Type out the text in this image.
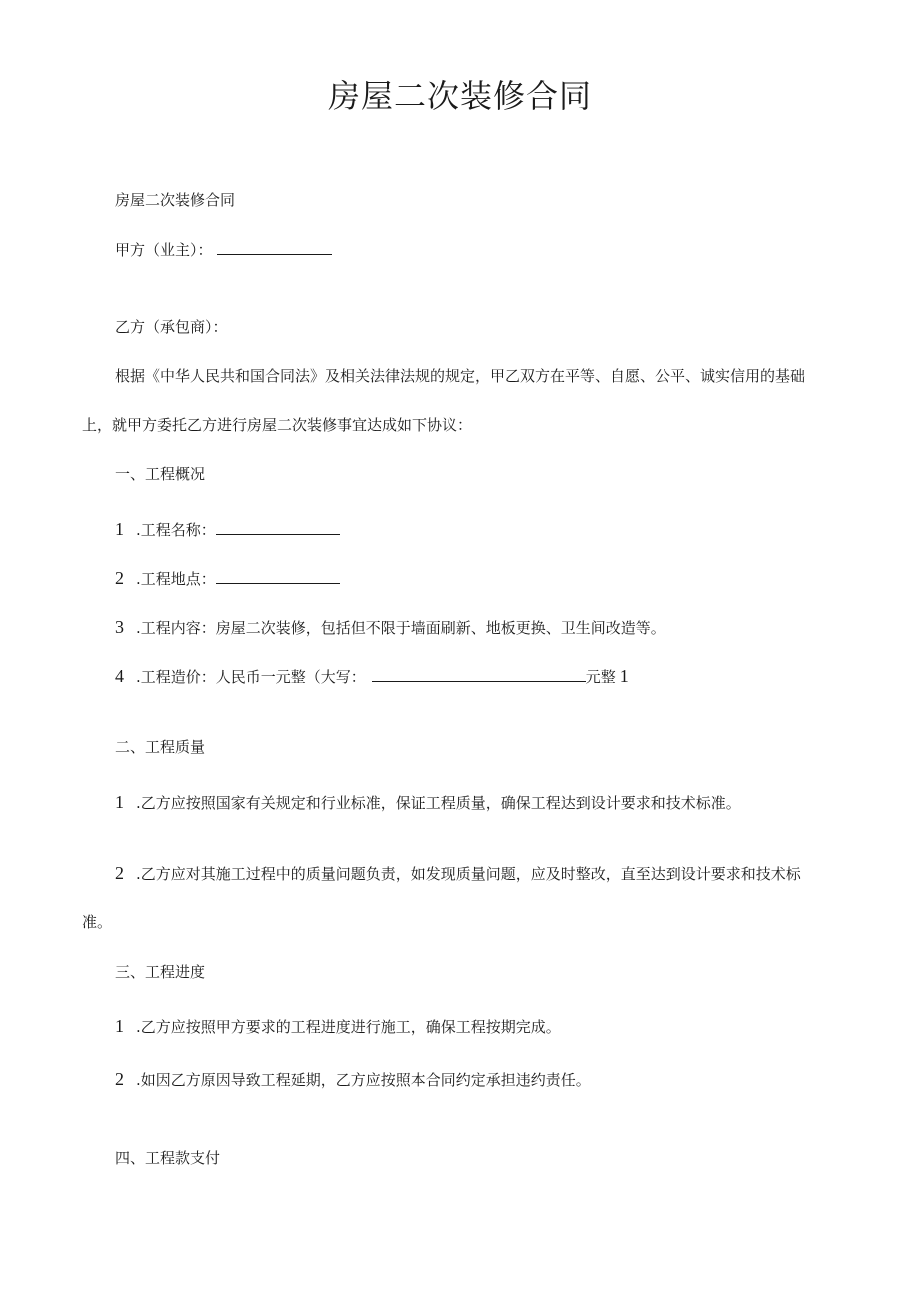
房屋二次装修合同
房屋二次装修合同
甲方（业主）：
乙方（承包商）：
根据《中华人民共和国合同法》及相关法律法规的规定，甲乙双方在平等、自愿、公平、诚实信用的基础
上，就甲方委托乙方进行房屋二次装修事宜达成如下协议：
一、工程概况
1 .工程名称：
2 .工程地点：
3 .工程内容：房屋二次装修，包括但不限于墙面刷新、地板更换、卫生间改造等。
4 .工程造价：人民币一元整（大写：	元整 1
二、工程质量
1 .乙方应按照国家有关规定和行业标准，保证工程质量，确保工程达到设计要求和技术标准。
2 .乙方应对其施工过程中的质量问题负责，如发现质量问题，应及时整改，直至达到设计要求和技术标
准。
三、工程进度
1 .乙方应按照甲方要求的工程进度进行施工，确保工程按期完成。
2 .如因乙方原因导致工程延期，乙方应按照本合同约定承担违约责任。
四、工程款支付
